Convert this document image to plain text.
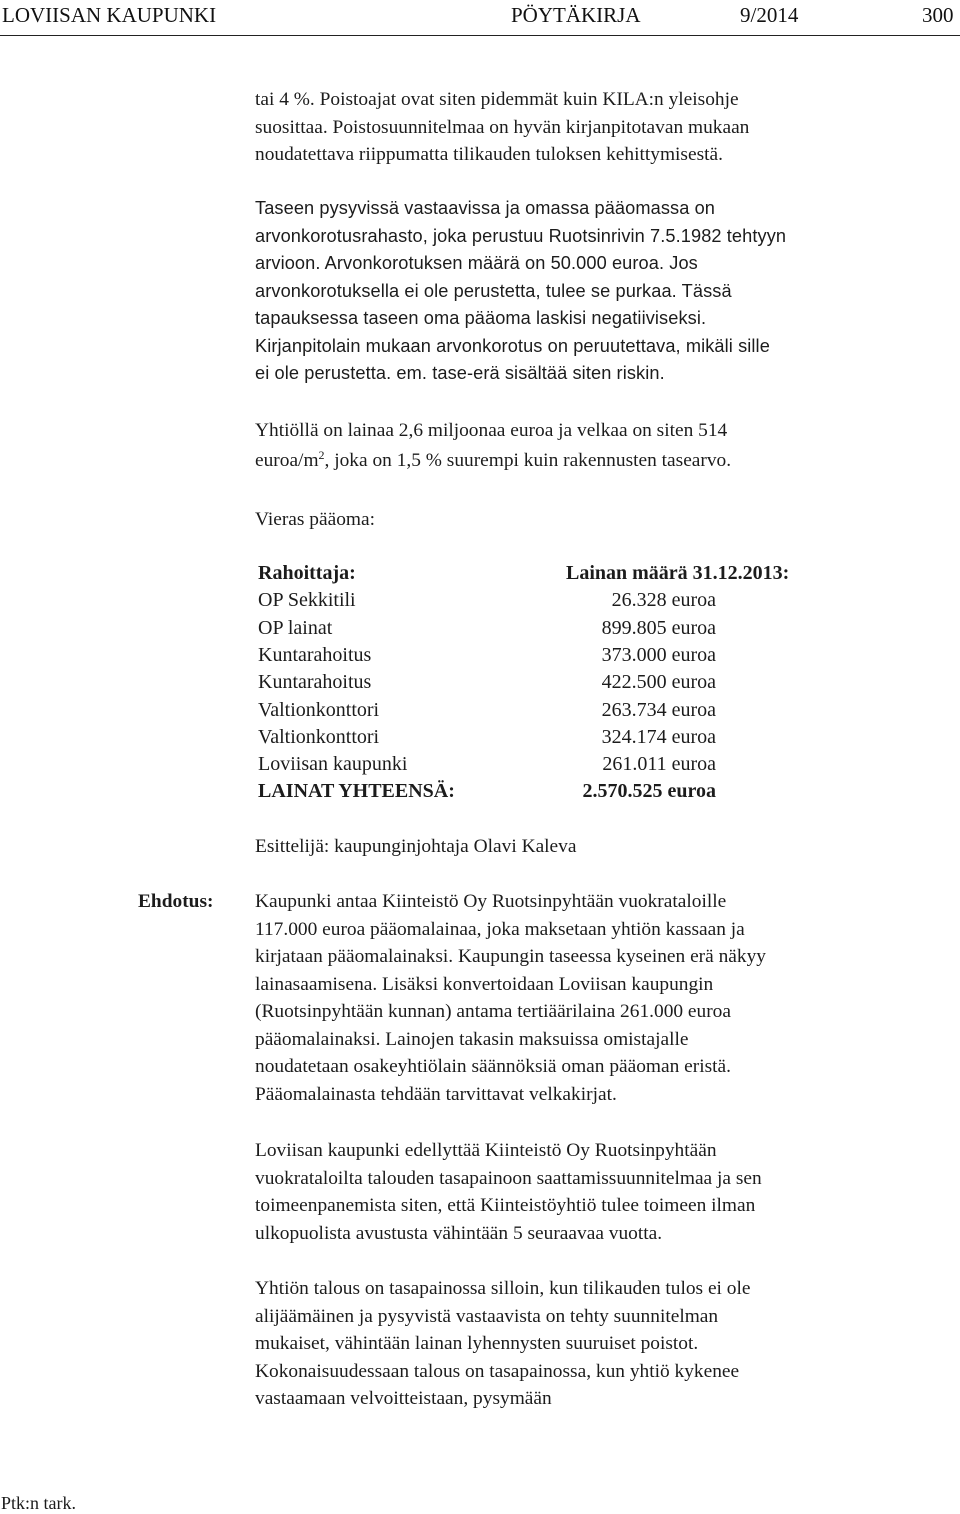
LOVIISAN KAUPUNKI	PÖYTÄKIRJA	9/2014	300
tai 4 %. Poistoajat ovat siten pidemmät kuin KILA:n yleisohje
suosittaa. Poistosuunnitelmaa on hyvän kirjanpitotavan mukaan
noudatettava riippumatta tilikauden tuloksen kehittymisestä.
Taseen pysyvissä vastaavissa ja omassa pääomassa on
arvonkorotusrahasto, joka perustuu Ruotsinrivin 7.5.1982 tehtyyn
arvioon. Arvonkorotuksen määrä on 50.000 euroa. Jos
arvonkorotuksella ei ole perustetta, tulee se purkaa. Tässä
tapauksessa taseen oma pääoma laskisi negatiiviseksi.
Kirjanpitolain mukaan arvonkorotus on peruutettava, mikäli sille
ei ole perustetta. em. tase-erä sisältää siten riskin.
Yhtiöllä on lainaa 2,6 miljoonaa euroa ja velkaa on siten 514
euroa/$m^2$, joka on 1,5 % suurempi kuin rakennusten tasearvo.
Vieras pääoma:
Rahoittaja:	Lainan määrä 31.12.2013:
OP Sekkitili	26.328 euroa
OP lainat	899.805 euroa
Kuntarahoitus	373.000 euroa
Kuntarahoitus	422.500 euroa
Valtionkonttori	263.734 euroa
Valtionkonttori	324.174 euroa
Loviisan kaupunki	261.011 euroa
LAINAT YHTEENSÄ:	2.570.525 euroa
Esittelijä: kaupunginjohtaja Olavi Kaleva
Ehdotus: Kaupunki antaa Kiinteistö Oy Ruotsinpyhtään vuokrataloille
117.000 euroa pääomalainaa, joka maksetaan yhtiön kassaan ja
kirjataan pääomalainaksi. Kaupungin taseessa kyseinen erä näkyy
lainasaamisena. Lisäksi konvertoidaan Loviisan kaupungin
(Ruotsinpyhtään kunnan) antama tertiäärilaina 261.000 euroa
pääomalainaksi. Lainojen takasin maksuissa omistajalle
noudatetaan osakeyhtiölain säännöksiä oman pääoman eristä.
Pääomalainasta tehdään tarvittavat velkakirjat.
Loviisan kaupunki edellyttää Kiinteistö Oy Ruotsinpyhtään
vuokrataloilta talouden tasapainoon saattamissuunnitelmaa ja sen
toimeenpanemista siten, että Kiinteistöyhtiö tulee toimeen ilman
ulkopuolista avustusta vähintään 5 seuraavaa vuotta.
Yhtiön talous on tasapainossa silloin, kun tilikauden tulos ei ole
alijäämäinen ja pysyvistä vastaavista on tehty suunnitelman
mukaiset, vähintään lainan lyhennysten suuruiset poistot.
Kokonaisuudessaan talous on tasapainossa, kun yhtiö kykenee
vastaamaan velvoitteistaan, pysymään
Ptk:n tark.
